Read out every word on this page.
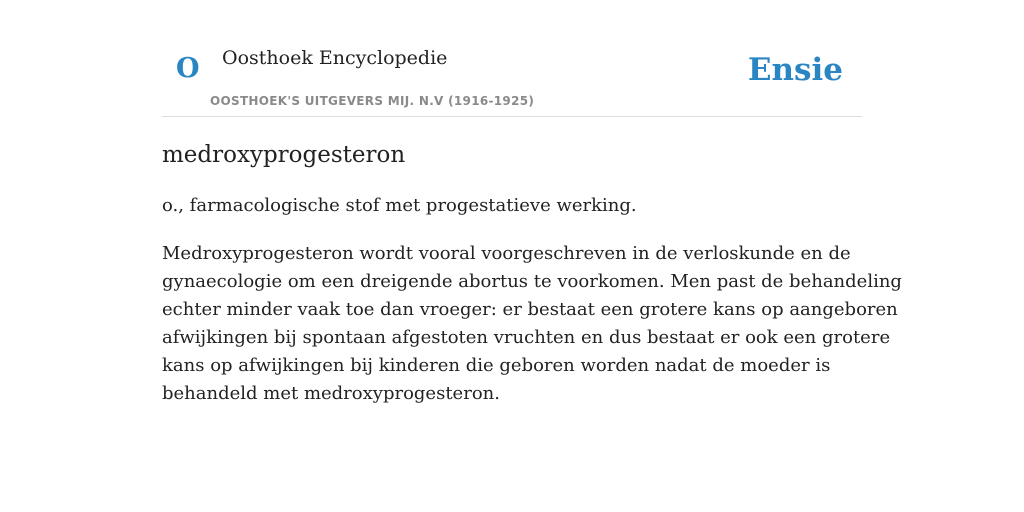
O Oosthoek Encyclopedie
OOSTHOEK'S UITGEVERS MIJ. N.V (1916-1925)
Ensie
medroxyprogesteron

o., farmacologische stof met progestatieve werking.

Medroxyprogesteron wordt vooral voorgeschreven in de verloskunde en de
gynaecologie om een dreigende abortus te voorkomen. Men past de behandeling
echter minder vaak toe dan vroeger: er bestaat een grotere kans op aangeboren
afwijkingen bij spontaan afgestoten vruchten en dus bestaat er ook een grotere
kans op afwijkingen bij kinderen die geboren worden nadat de moeder is
behandeld met medroxyprogesteron.
